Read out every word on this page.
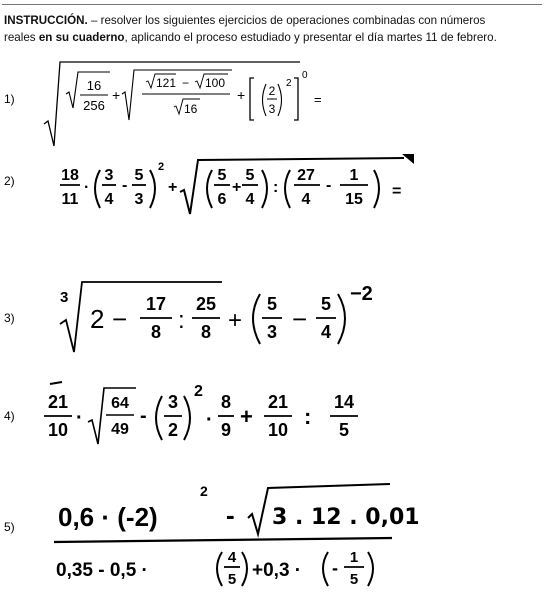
INSTRUCCIÓN. – resolver los siguientes ejercicios de operaciones combinadas con números
reales en su cuaderno, aplicando el proceso estudiado y presentar el día martes 11 de febrero.
1)
16
256
+
121 − 100
16
+ 2
3
2
0
=
2)	18
11
·
3
4
-
5
3
2
+
5
6
+
5
4
:
27
4
-
1
15 =
3)
3
2 − 17
8 :
25
8 +
5
3 − 5
4
−2
4)
21
10
·
64
49
-
3
2
2
·
8
9
+
21
10
:
14
5
5) 0,6 · (-2)
2
- 3 . 12 . 0,01
0,35 - 0,5 ·
4
5 +0,3 · -
1
5
